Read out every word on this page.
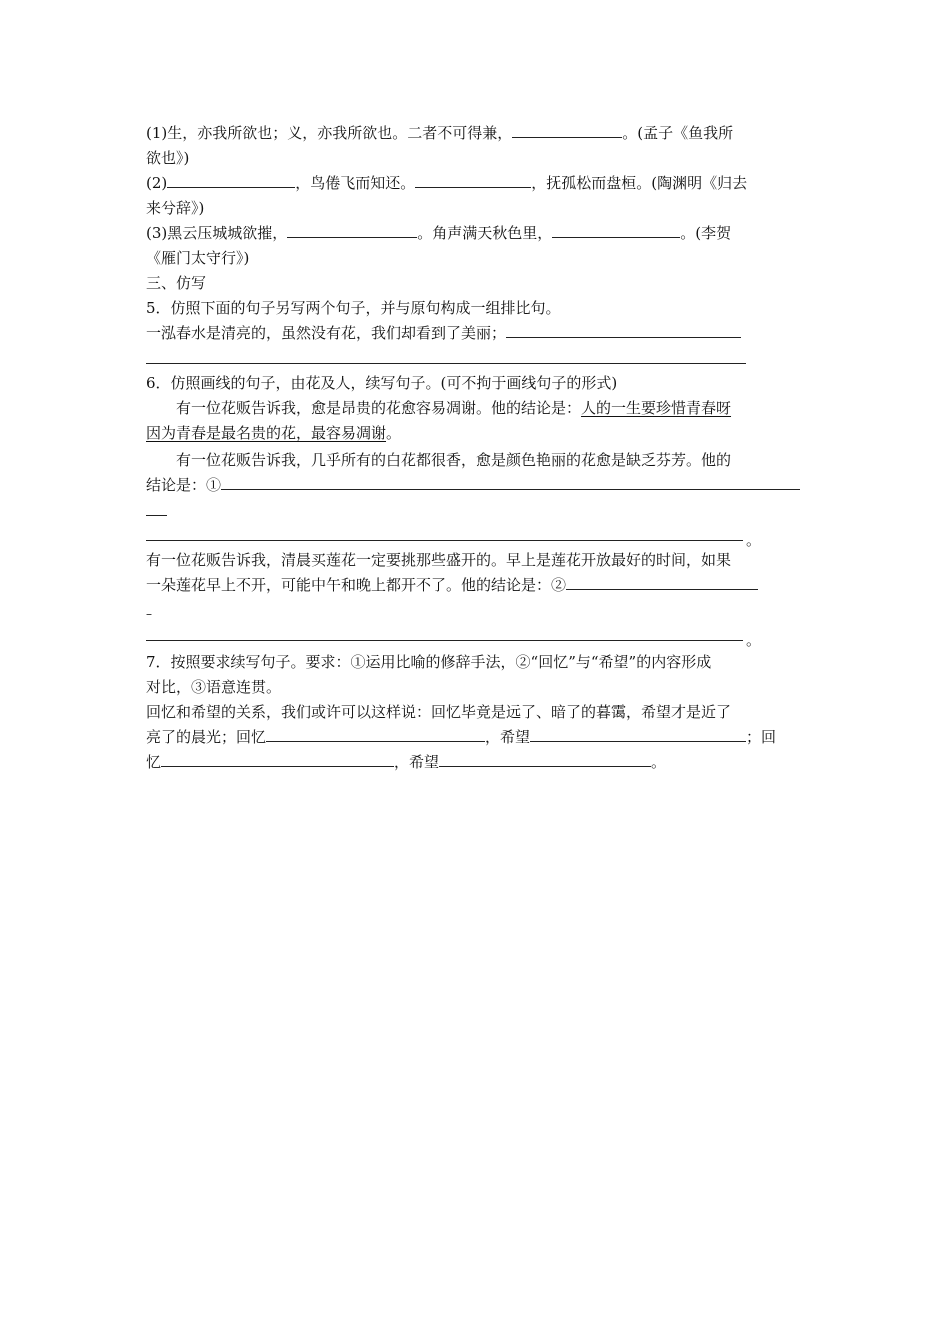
(1)生，亦我所欲也；义，亦我所欲也。二者不可得兼，	。(孟子《鱼我所
欲也》)
(2)	，鸟倦飞而知还。	，抚孤松而盘桓。(陶渊明《归去
来兮辞》)
(3)黑云压城城欲摧，	。角声满天秋色里，	。(李贺
《雁门太守行》)
三、仿写
5．仿照下面的句子另写两个句子，并与原句构成一组排比句。
一泓春水是清亮的，虽然没有花，我们却看到了美丽；
6．仿照画线的句子，由花及人，续写句子。(可不拘于画线句子的形式)
有一位花贩告诉我，愈是昂贵的花愈容易凋谢。他的结论是：人的一生要珍惜青春呀
因为青春是最名贵的花，最容易凋谢。
有一位花贩告诉我，几乎所有的白花都很香，愈是颜色艳丽的花愈是缺乏芬芳。他的
结论是：①
。
有一位花贩告诉我，清晨买莲花一定要挑那些盛开的。早上是莲花开放最好的时间，如果
一朵莲花早上不开，可能中午和晚上都开不了。他的结论是：②
–
。
7．按照要求续写句子。要求：①运用比喻的修辞手法，②“回忆”与“希望”的内容形成
对比，③语意连贯。
回忆和希望的关系，我们或许可以这样说：回忆毕竟是远了、暗了的暮霭，希望才是近了
亮了的晨光；回忆	，希望	；回
忆	，希望	。
